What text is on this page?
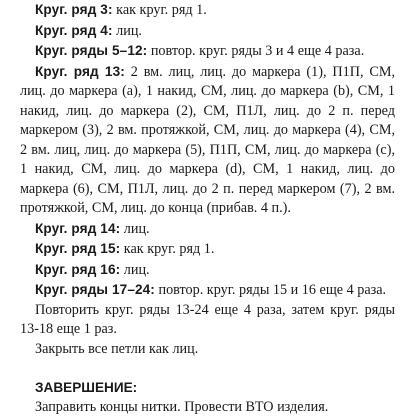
Круг. ряд 3: как круг. ряд 1.

Круг. ряд 4: лиц.

Круг. ряды 5–12: повтор. круг. ряды 3 и 4 еще 4 раза.

Круг. ряд 13: 2 вм. лиц, лиц. до маркера (1), П1П, СМ, лиц. до маркера (a), 1 накид, СМ, лиц. до маркера (b), СМ, 1 накид, лиц. до маркера (2), СМ, П1Л, лиц. до 2 п. перед маркером (3), 2 вм. протяжкой, СМ, лиц. до маркера (4), СМ, 2 вм. лиц, лиц. до маркера (5), П1П, СМ, лиц. до маркера (c), 1 накид, СМ, лиц. до маркера (d), СМ, 1 накид, лиц. до маркера (6), СМ, П1Л, лиц. до 2 п. перед маркером (7), 2 вм. протяжкой, СМ, лиц. до конца (прибав. 4 п.).

Круг. ряд 14: лиц.

Круг. ряд 15: как круг. ряд 1.

Круг. ряд 16: лиц.

Круг. ряды 17–24: повтор. круг. ряды 15 и 16 еще 4 раза.

Повторить круг. ряды 13-24 еще 4 раза, затем круг. ряды 13-18 еще 1 раз.

Закрыть все петли как лиц.

ЗАВЕРШЕНИЕ:

Заправить концы нитки. Провести ВТО изделия.
